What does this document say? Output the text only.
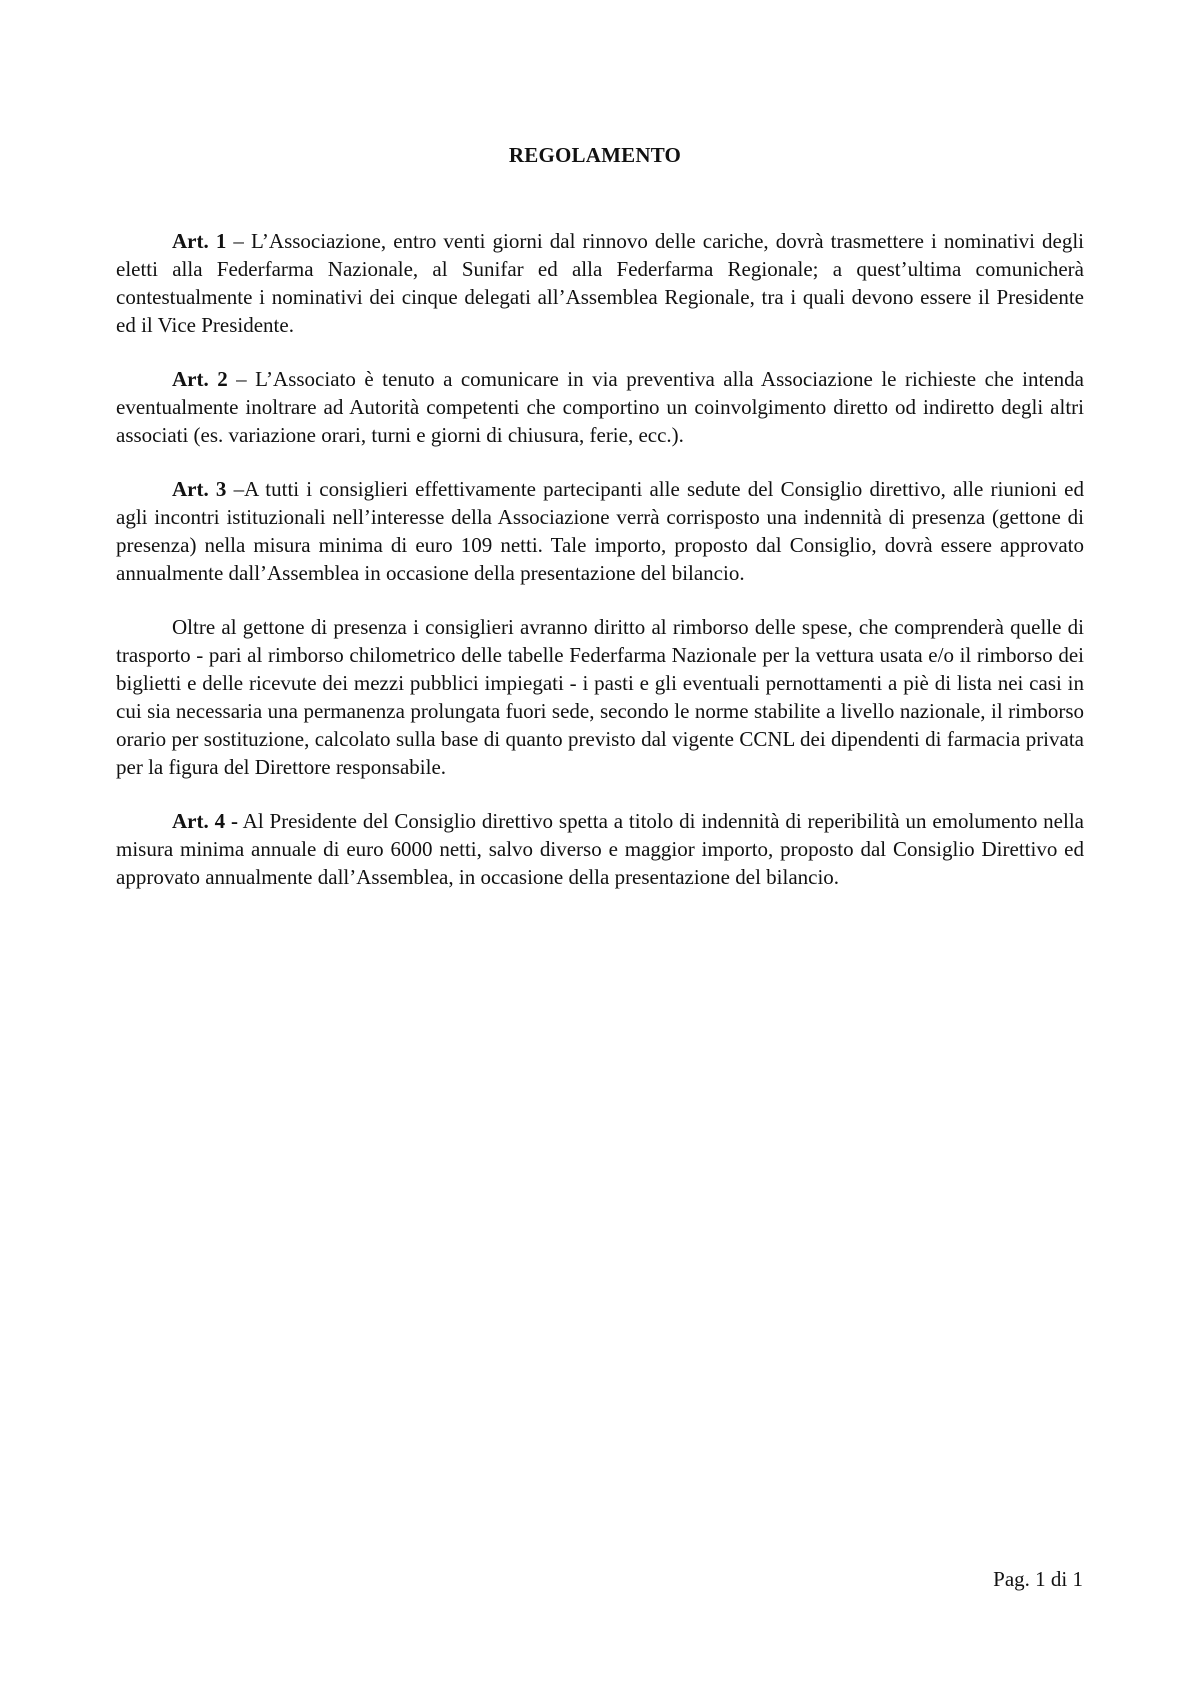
REGOLAMENTO

Art. 1 – L’Associazione, entro venti giorni dal rinnovo delle cariche, dovrà trasmettere i nominativi degli eletti alla Federfarma Nazionale, al Sunifar ed alla Federfarma Regionale; a quest’ultima comunicherà contestualmente i nominativi dei cinque delegati all’Assemblea Regionale, tra i quali devono essere il Presidente ed il Vice Presidente.

Art. 2 – L’Associato è tenuto a comunicare in via preventiva alla Associazione le richieste che intenda eventualmente inoltrare ad Autorità competenti che comportino un coinvolgimento diretto od indiretto degli altri associati (es. variazione orari, turni e giorni di chiusura, ferie, ecc.).

Art. 3 –A tutti i consiglieri effettivamente partecipanti alle sedute del Consiglio direttivo, alle riunioni ed agli incontri istituzionali nell’interesse della Associazione verrà corrisposto una indennità di presenza (gettone di presenza) nella misura minima di euro 109 netti. Tale importo, proposto dal Consiglio, dovrà essere approvato annualmente dall’Assemblea in occasione della presentazione del bilancio.

Oltre al gettone di presenza i consiglieri avranno diritto al rimborso delle spese, che comprenderà quelle di trasporto - pari al rimborso chilometrico delle tabelle Federfarma Nazionale per la vettura usata e/o il rimborso dei biglietti e delle ricevute dei mezzi pubblici impiegati - i pasti e gli eventuali pernottamenti a piè di lista nei casi in cui sia necessaria una permanenza prolungata fuori sede, secondo le norme stabilite a livello nazionale, il rimborso orario per sostituzione, calcolato sulla base di quanto previsto dal vigente CCNL dei dipendenti di farmacia privata per la figura del Direttore responsabile.

Art. 4 - Al Presidente del Consiglio direttivo spetta a titolo di indennità di reperibilità un emolumento nella misura minima annuale di euro 6000 netti, salvo diverso e maggior importo, proposto dal Consiglio Direttivo ed approvato annualmente dall’Assemblea, in occasione della presentazione del bilancio.

Pag. 1 di 1
